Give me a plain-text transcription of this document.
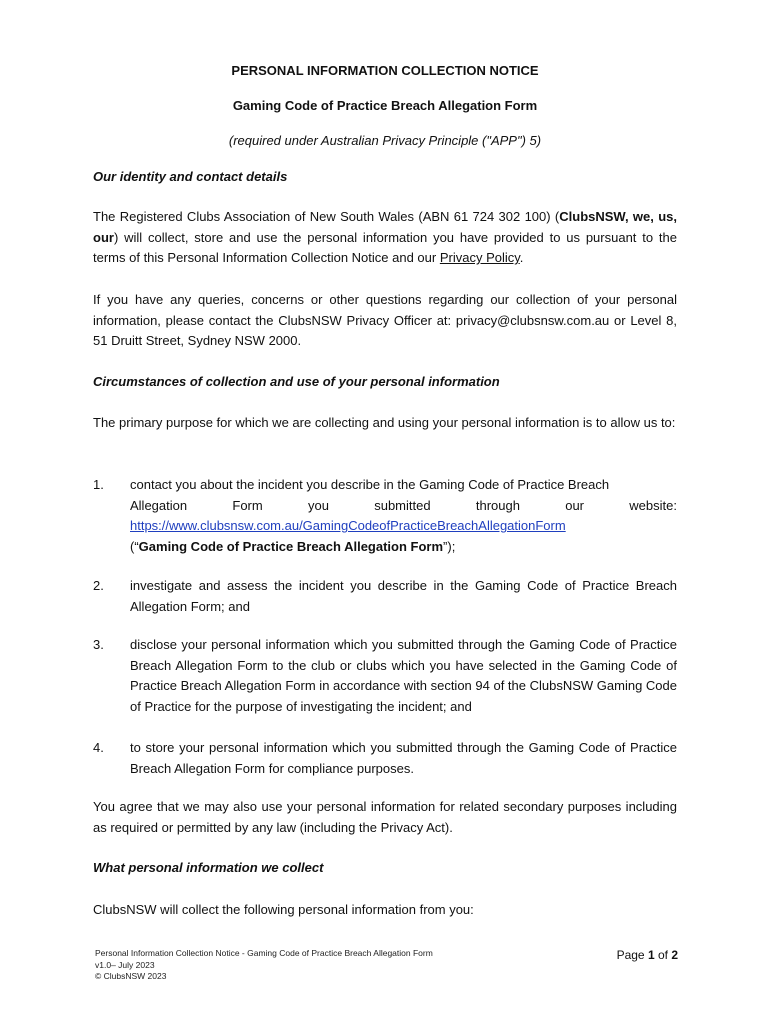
PERSONAL INFORMATION COLLECTION NOTICE
Gaming Code of Practice Breach Allegation Form
(required under Australian Privacy Principle ("APP") 5)
Our identity and contact details
The Registered Clubs Association of New South Wales (ABN 61 724 302 100) (ClubsNSW, we, us, our) will collect, store and use the personal information you have provided to us pursuant to the terms of this Personal Information Collection Notice and our Privacy Policy.
If you have any queries, concerns or other questions regarding our collection of your personal information, please contact the ClubsNSW Privacy Officer at: privacy@clubsnsw.com.au or Level 8, 51 Druitt Street, Sydney NSW 2000.
Circumstances of collection and use of your personal information
The primary purpose for which we are collecting and using your personal information is to allow us to:
1. contact you about the incident you describe in the Gaming Code of Practice Breach
Allegation	Form	you	submitted	through	our	website:
https://www.clubsnsw.com.au/GamingCodeofPracticeBreachAllegationForm
(“Gaming Code of Practice Breach Allegation Form”);
2. investigate and assess the incident you describe in the Gaming Code of Practice Breach Allegation Form; and
3. disclose your personal information which you submitted through the Gaming Code of Practice Breach Allegation Form to the club or clubs which you have selected in the Gaming Code of Practice Breach Allegation Form in accordance with section 94 of the ClubsNSW Gaming Code of Practice for the purpose of investigating the incident; and
4. to store your personal information which you submitted through the Gaming Code of Practice Breach Allegation Form for compliance purposes.
You agree that we may also use your personal information for related secondary purposes including as required or permitted by any law (including the Privacy Act).
What personal information we collect
ClubsNSW will collect the following personal information from you:
Personal Information Collection Notice - Gaming Code of Practice Breach Allegation Form
v1.0– July 2023
© ClubsNSW 2023
Page 1 of 2
